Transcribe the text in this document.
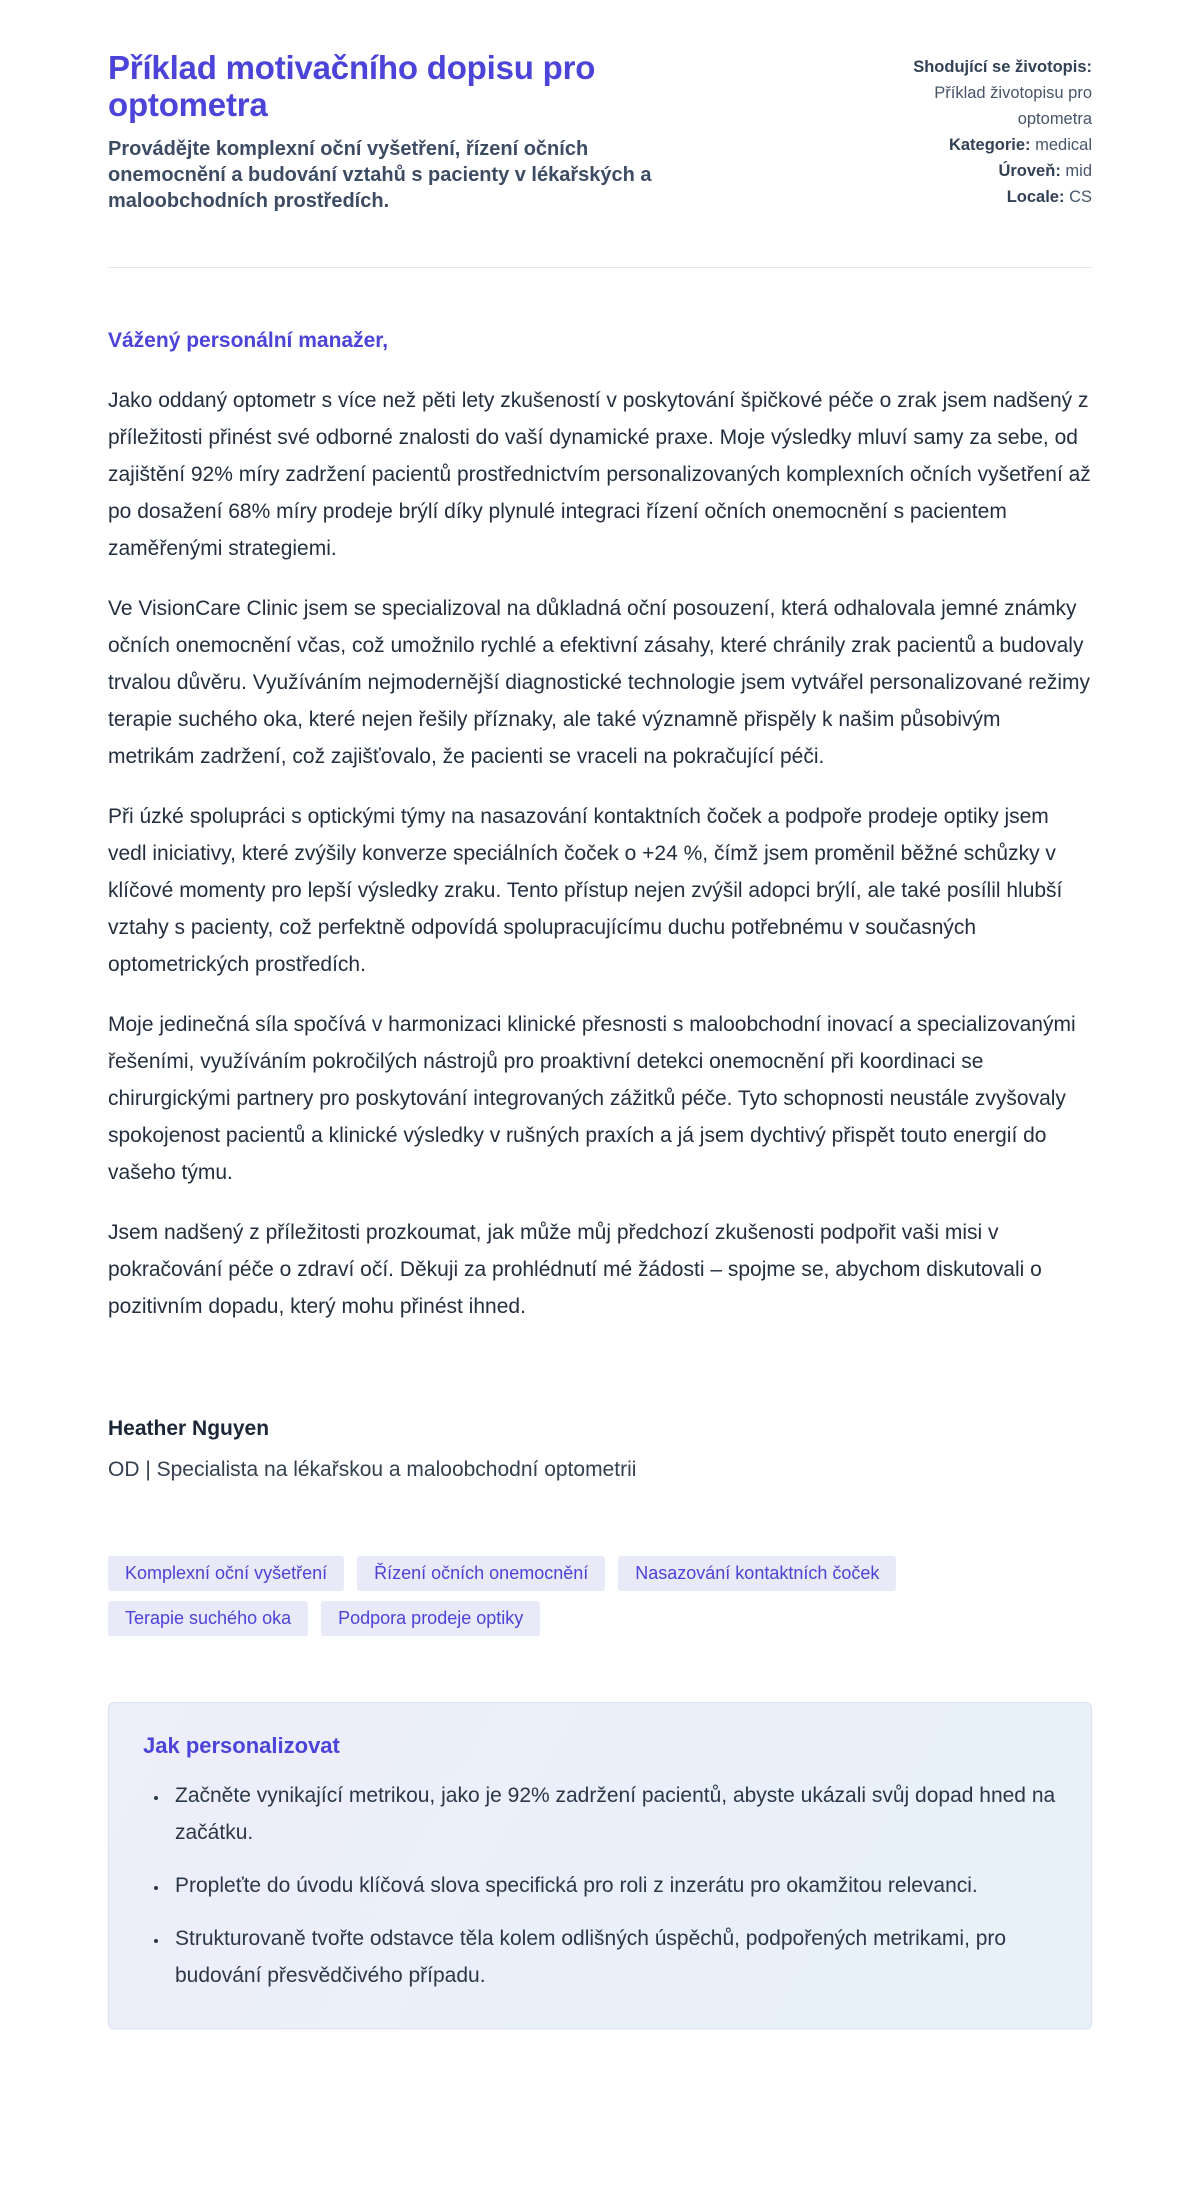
Příklad motivačního dopisu pro optometra
Provádějte komplexní oční vyšetření, řízení očních onemocnění a budování vztahů s pacienty v lékařských a maloobchodních prostředích.
Shodující se životopis: Příklad životopisu pro optometra
Kategorie: medical
Úroveň: mid
Locale: CS
Vážený personální manažer,

Jako oddaný optometr s více než pěti lety zkušeností v poskytování špičkové péče o zrak jsem nadšený z příležitosti přinést své odborné znalosti do vaší dynamické praxe. Moje výsledky mluví samy za sebe, od zajištění 92% míry zadržení pacientů prostřednictvím personalizovaných komplexních očních vyšetření až po dosažení 68% míry prodeje brýlí díky plynulé integraci řízení očních onemocnění s pacientem zaměřenými strategiemi.

Ve VisionCare Clinic jsem se specializoval na důkladná oční posouzení, která odhalovala jemné známky očních onemocnění včas, což umožnilo rychlé a efektivní zásahy, které chránily zrak pacientů a budovaly trvalou důvěru. Využíváním nejmodernější diagnostické technologie jsem vytvářel personalizované režimy terapie suchého oka, které nejen řešily příznaky, ale také významně přispěly k našim působivým metrikám zadržení, což zajišťovalo, že pacienti se vraceli na pokračující péči.

Při úzké spolupráci s optickými týmy na nasazování kontaktních čoček a podpoře prodeje optiky jsem vedl iniciativy, které zvýšily konverze speciálních čoček o +24 %, čímž jsem proměnil běžné schůzky v klíčové momenty pro lepší výsledky zraku. Tento přístup nejen zvýšil adopci brýlí, ale také posílil hlubší vztahy s pacienty, což perfektně odpovídá spolupracujícímu duchu potřebnému v současných optometrických prostředích.

Moje jedinečná síla spočívá v harmonizaci klinické přesnosti s maloobchodní inovací a specializovanými řešeními, využíváním pokročilých nástrojů pro proaktivní detekci onemocnění při koordinaci se chirurgickými partnery pro poskytování integrovaných zážitků péče. Tyto schopnosti neustále zvyšovaly spokojenost pacientů a klinické výsledky v rušných praxích a já jsem dychtivý přispět touto energií do vašeho týmu.

Jsem nadšený z příležitosti prozkoumat, jak může můj předchozí zkušenosti podpořit vaši misi v pokračování péče o zdraví očí. Děkuji za prohlédnutí mé žádosti – spojme se, abychom diskutovali o pozitivním dopadu, který mohu přinést ihned.

Heather Nguyen
OD | Specialista na lékařskou a maloobchodní optometrii
Komplexní oční vyšetření	Řízení očních onemocnění	Nasazování kontaktních čoček
Terapie suchého oka	Podpora prodeje optiky
Jak personalizovat
• Začněte vynikající metrikou, jako je 92% zadržení pacientů, abyste ukázali svůj dopad hned na začátku.
• Propleťte do úvodu klíčová slova specifická pro roli z inzerátu pro okamžitou relevanci.
• Strukturovaně tvořte odstavce těla kolem odlišných úspěchů, podpořených metrikami, pro budování přesvědčivého případu.
